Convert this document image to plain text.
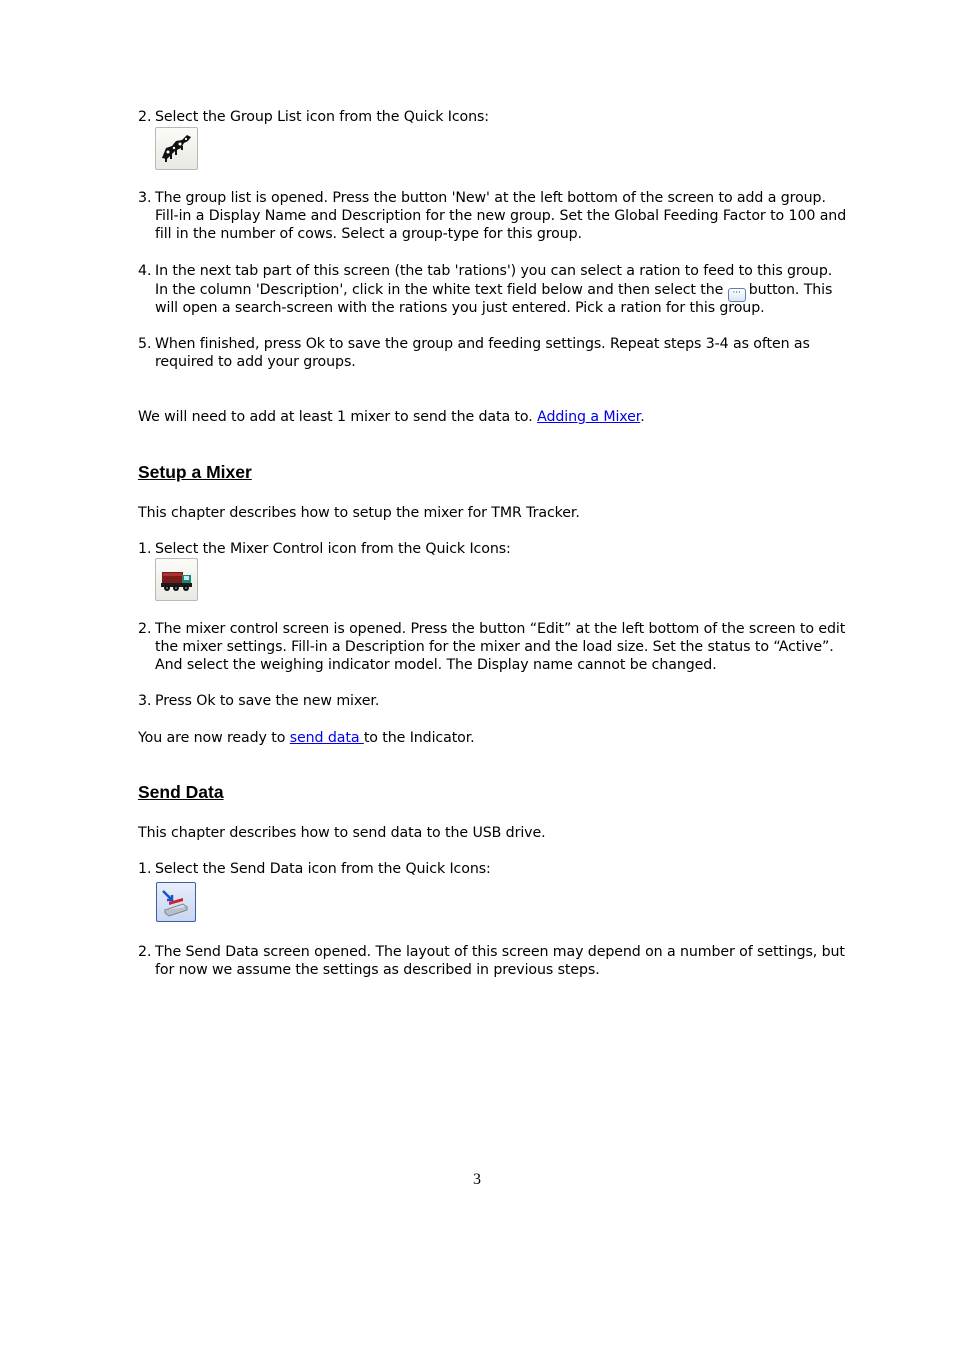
2. Select the Group List icon from the Quick Icons:
3. The group list is opened. Press the button 'New' at the left bottom of the screen to add a group.
Fill-in a Display Name and Description for the new group. Set the Global Feeding Factor to 100 and
fill in the number of cows. Select a group-type for this group.
4. In the next tab part of this screen (the tab 'rations') you can select a ration to feed to this group.
In the column 'Description', click in the white text field below and then select the ··· button. This
will open a search-screen with the rations you just entered. Pick a ration for this group.
5. When finished, press Ok to save the group and feeding settings. Repeat steps 3-4 as often as
required to add your groups.
We will need to add at least 1 mixer to send the data to. Adding a Mixer.
Setup a Mixer
This chapter describes how to setup the mixer for TMR Tracker.
1. Select the Mixer Control icon from the Quick Icons:
2. The mixer control screen is opened. Press the button “Edit” at the left bottom of the screen to edit
the mixer settings. Fill-in a Description for the mixer and the load size. Set the status to “Active”.
And select the weighing indicator model. The Display name cannot be changed.
3. Press Ok to save the new mixer.
You are now ready to send data to the Indicator.
Send Data
This chapter describes how to send data to the USB drive.
1. Select the Send Data icon from the Quick Icons:
2. The Send Data screen opened. The layout of this screen may depend on a number of settings, but
for now we assume the settings as described in previous steps.
3
